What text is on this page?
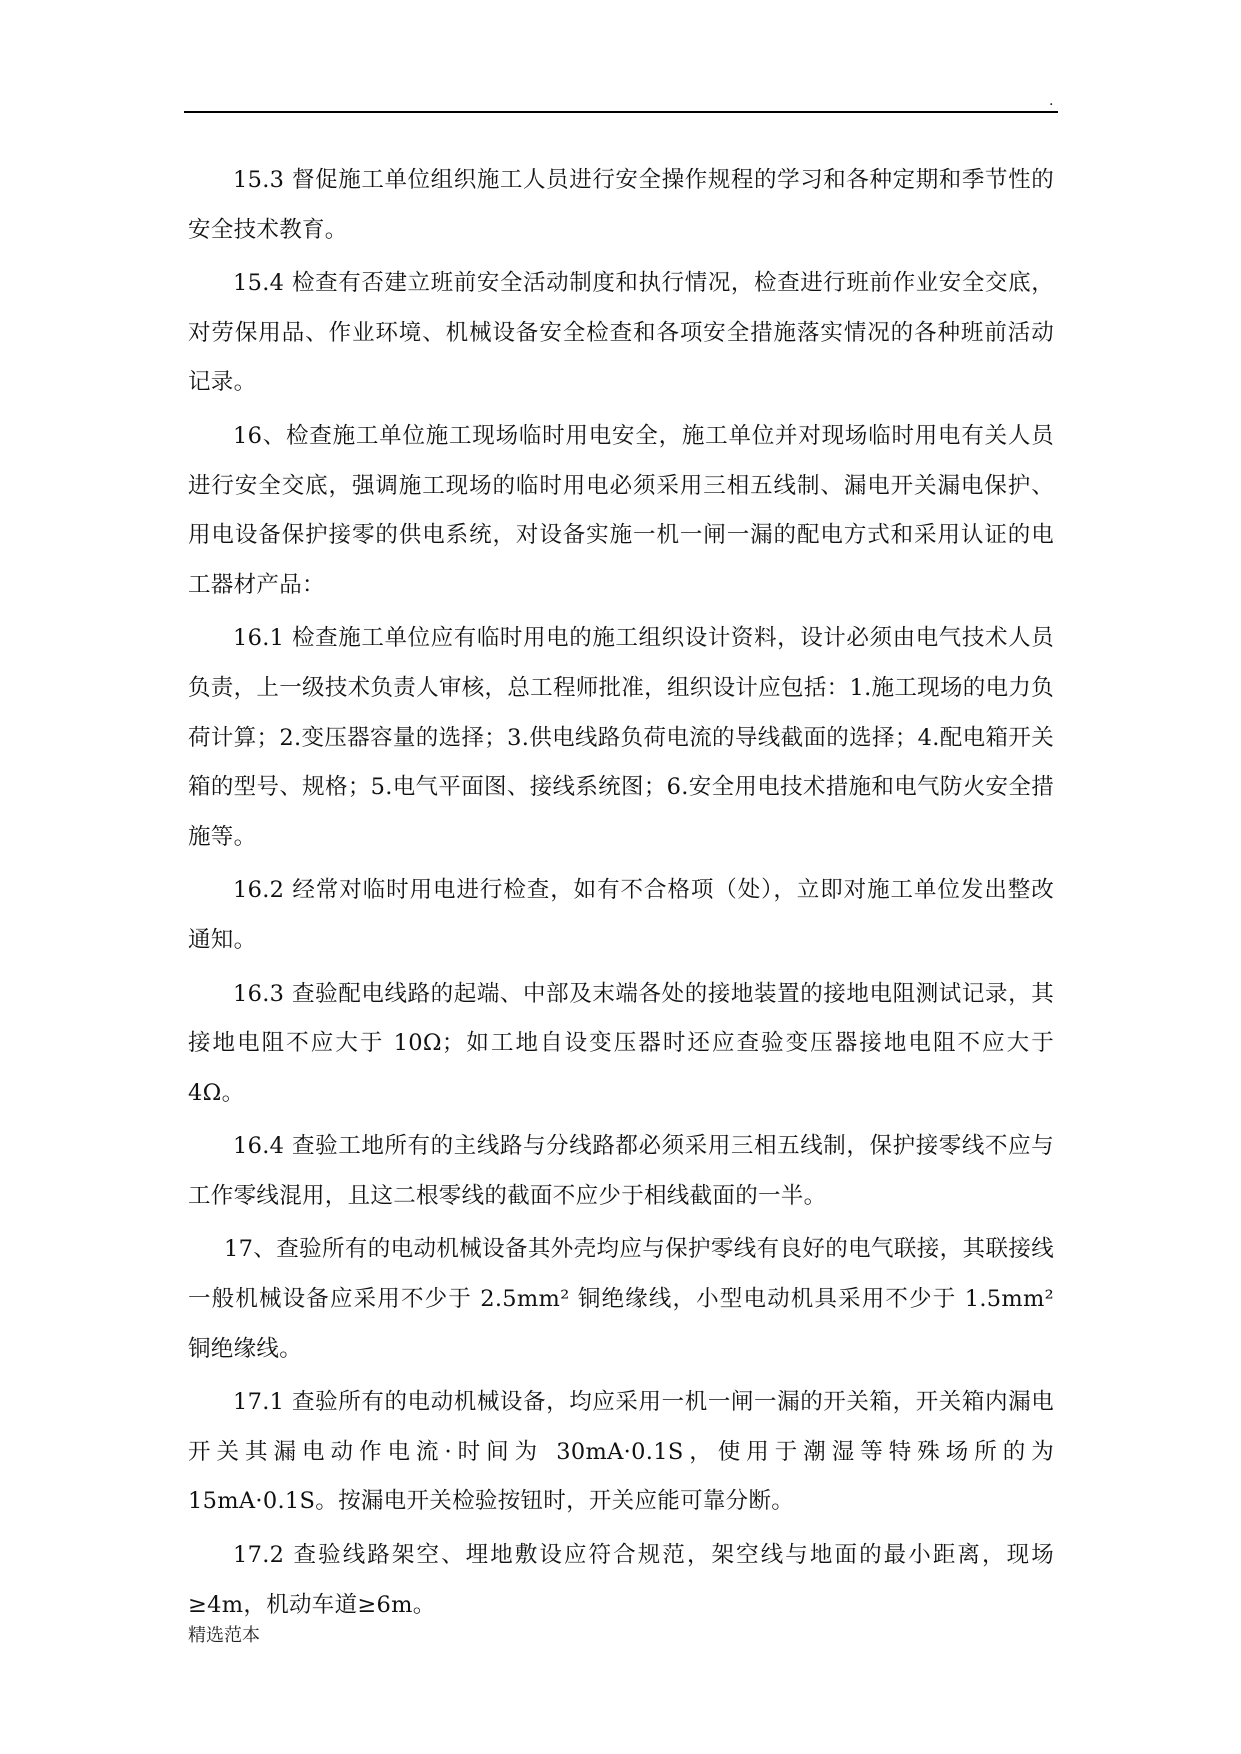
.

15.3 督促施工单位组织施工人员进行安全操作规程的学习和各种定期和季节性的安全技术教育。

15.4 检查有否建立班前安全活动制度和执行情况，检查进行班前作业安全交底，对劳保用品、作业环境、机械设备安全检查和各项安全措施落实情况的各种班前活动记录。

16、检查施工单位施工现场临时用电安全，施工单位并对现场临时用电有关人员进行安全交底，强调施工现场的临时用电必须采用三相五线制、漏电开关漏电保护、用电设备保护接零的供电系统，对设备实施一机一闸一漏的配电方式和采用认证的电工器材产品：

16.1 检查施工单位应有临时用电的施工组织设计资料，设计必须由电气技术人员负责，上一级技术负责人审核，总工程师批准，组织设计应包括：1.施工现场的电力负荷计算；2.变压器容量的选择；3.供电线路负荷电流的导线截面的选择；4.配电箱开关箱的型号、规格；5.电气平面图、接线系统图；6.安全用电技术措施和电气防火安全措施等。

16.2 经常对临时用电进行检查，如有不合格项（处），立即对施工单位发出整改通知。

16.3 查验配电线路的起端、中部及末端各处的接地装置的接地电阻测试记录，其接地电阻不应大于 10Ω；如工地自设变压器时还应查验变压器接地电阻不应大于 4Ω。

16.4 查验工地所有的主线路与分线路都必须采用三相五线制，保护接零线不应与工作零线混用，且这二根零线的截面不应少于相线截面的一半。

17、查验所有的电动机械设备其外壳均应与保护零线有良好的电气联接，其联接线一般机械设备应采用不少于 2.5mm² 铜绝缘线，小型电动机具采用不少于 1.5mm² 铜绝缘线。

17.1 查验所有的电动机械设备，均应采用一机一闸一漏的开关箱，开关箱内漏电开关其漏电动作电流·时间为 30mA·0.1S，使用于潮湿等特殊场所的为 15mA·0.1S。按漏电开关检验按钮时，开关应能可靠分断。

17.2 查验线路架空、埋地敷设应符合规范，架空线与地面的最小距离，现场≥4m，机动车道≥6m。

精选范本
